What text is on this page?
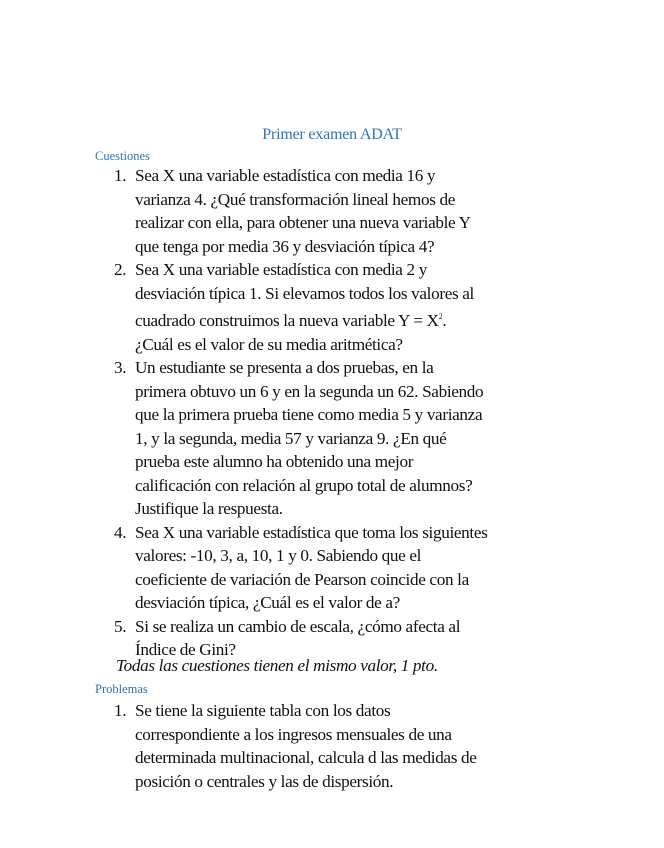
Primer examen ADAT
Cuestiones
1. Sea X una variable estadística con media 16 y
varianza 4. ¿Qué transformación lineal hemos de
realizar con ella, para obtener una nueva variable Y
que tenga por media 36 y desviación típica 4?
2. Sea X una variable estadística con media 2 y
desviación típica 1. Si elevamos todos los valores al
cuadrado construimos la nueva variable $Y = X^2$.
¿Cuál es el valor de su media aritmética?
3. Un estudiante se presenta a dos pruebas, en la
primera obtuvo un 6 y en la segunda un 62. Sabiendo
que la primera prueba tiene como media 5 y varianza
1, y la segunda, media 57 y varianza 9. ¿En qué
prueba este alumno ha obtenido una mejor
calificación con relación al grupo total de alumnos?
Justifique la respuesta.
4. Sea X una variable estadística que toma los siguientes
valores: -10, 3, a, 10, 1 y 0. Sabiendo que el
coeficiente de variación de Pearson coincide con la
desviación típica, ¿Cuál es el valor de a?
5. Si se realiza un cambio de escala, ¿cómo afecta al
Índice de Gini?
Todas las cuestiones tienen el mismo valor, 1 pto.
Problemas
1. Se tiene la siguiente tabla con los datos
correspondiente a los ingresos mensuales de una
determinada multinacional, calcula d las medidas de
posición o centrales y las de dispersión.
